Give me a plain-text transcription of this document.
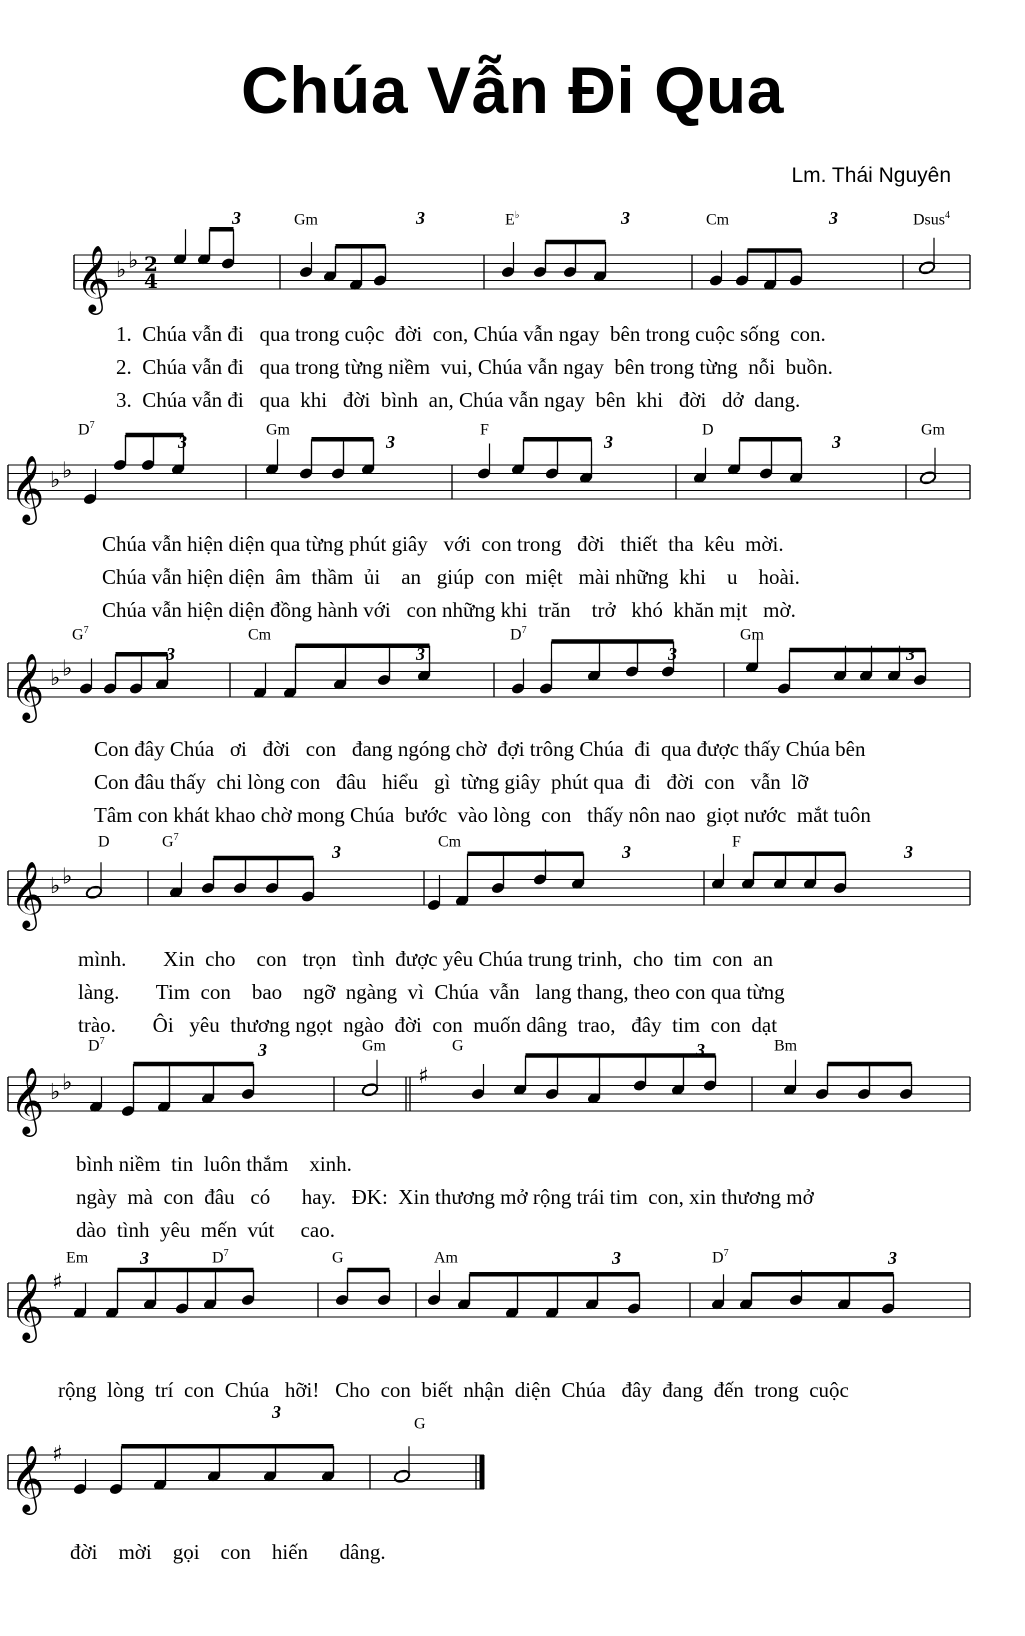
Chúa Vẫn Đi Qua
Lm. Thái Nguyên
𝄞 ♭ ♭ 2
4
𝄞 ♭ ♭
𝄞 ♭ ♭
𝄞 ♭ ♭
𝄞 ♭ ♭	♯
𝄞 ♯
𝄞 ♯
Gm	E♭	Cm	Dsus$^4$
3	3	3	3
1.  Chúa vẫn đi   qua trong cuộc  đời  con, Chúa vẫn ngay  bên trong cuộc sống  con.
2.  Chúa vẫn đi   qua trong từng niềm  vui, Chúa vẫn ngay  bên trong từng  nỗi  buồn.
3.  Chúa vẫn đi   qua  khi   đời  bình  an, Chúa vẫn ngay  bên  khi   đời   dở  dang.
$D^7$	Gm	F	D	Gm
3	3	3	3
Chúa vẫn hiện diện qua từng phút giây   với  con trong   đời   thiết  tha  kêu  mời.
Chúa vẫn hiện diện  âm  thầm  ủi    an   giúp  con  miệt   mài những  khi    u    hoài.
Chúa vẫn hiện diện đồng hành với   con những khi  trăn    trở   khó  khăn mịt   mờ.
$G^7$	Cm	$D^7$	Gm
3	3	3	3
Con đây Chúa   ơi   đời   con   đang ngóng chờ  đợi trông Chúa  đi  qua được thấy Chúa bên
Con đâu thấy  chi lòng con   đâu   hiểu   gì  từng giây  phút qua  đi   đời  con   vẫn  lỡ
Tâm con khát khao chờ mong Chúa  bước  vào lòng  con   thấy nôn nao  giọt nước  mắt tuôn
D	$G^7$	Cm	F
3	3	3
mình.       Xin  cho    con   trọn   tình  được yêu Chúa trung trinh,  cho  tim  con  an
làng.       Tim  con    bao    ngỡ  ngàng  vì  Chúa  vẫn   lang thang, theo con qua từng
trào.       Ôi   yêu  thương ngọt  ngào  đời  con  muốn dâng  trao,   đây  tim  con  dạt
$D^7$	Gm	G	Bm
3	3
bình niềm  tin  luôn thắm    xinh.
ngày  mà  con  đâu   có      hay.   ĐK:  Xin thương mở rộng trái tim  con, xin thương mở
dào  tình  yêu  mến  vút     cao.
Em	$D^7$	G	Am	$D^7$
3	3	3
rộng  lòng  trí  con  Chúa   hỡi!   Cho  con  biết  nhận  diện  Chúa   đây  đang  đến  trong  cuộc
G
3
đời    mời    gọi    con    hiến      dâng.
